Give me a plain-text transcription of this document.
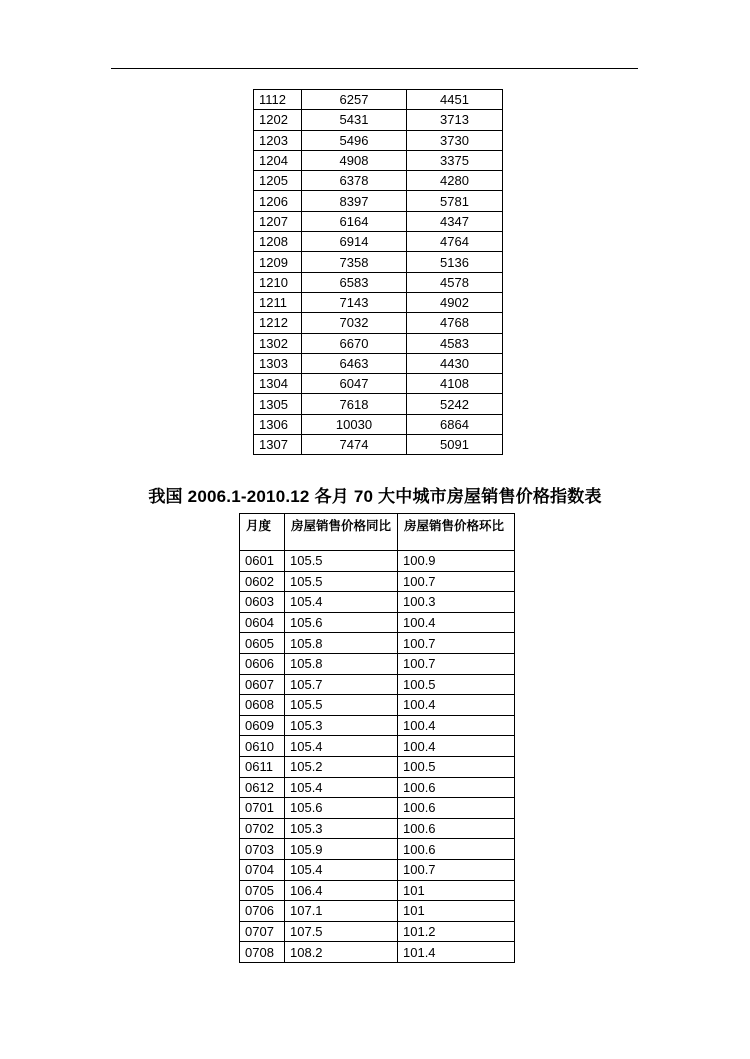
1112	6257	4451
1202	5431	3713
1203	5496	3730
1204	4908	3375
1205	6378	4280
1206	8397	5781
1207	6164	4347
1208	6914	4764
1209	7358	5136
1210	6583	4578
1211	7143	4902
1212	7032	4768
1302	6670	4583
1303	6463	4430
1304	6047	4108
1305	7618	5242
1306	10030	6864
1307	7474	5091
我国 2006.1-2010.12 各月 70 大中城市房屋销售价格指数表
月度	房屋销售价格同比	房屋销售价格环比
0601	105.5	100.9
0602	105.5	100.7
0603	105.4	100.3
0604	105.6	100.4
0605	105.8	100.7
0606	105.8	100.7
0607	105.7	100.5
0608	105.5	100.4
0609	105.3	100.4
0610	105.4	100.4
0611	105.2	100.5
0612	105.4	100.6
0701	105.6	100.6
0702	105.3	100.6
0703	105.9	100.6
0704	105.4	100.7
0705	106.4	101
0706	107.1	101
0707	107.5	101.2
0708	108.2	101.4
